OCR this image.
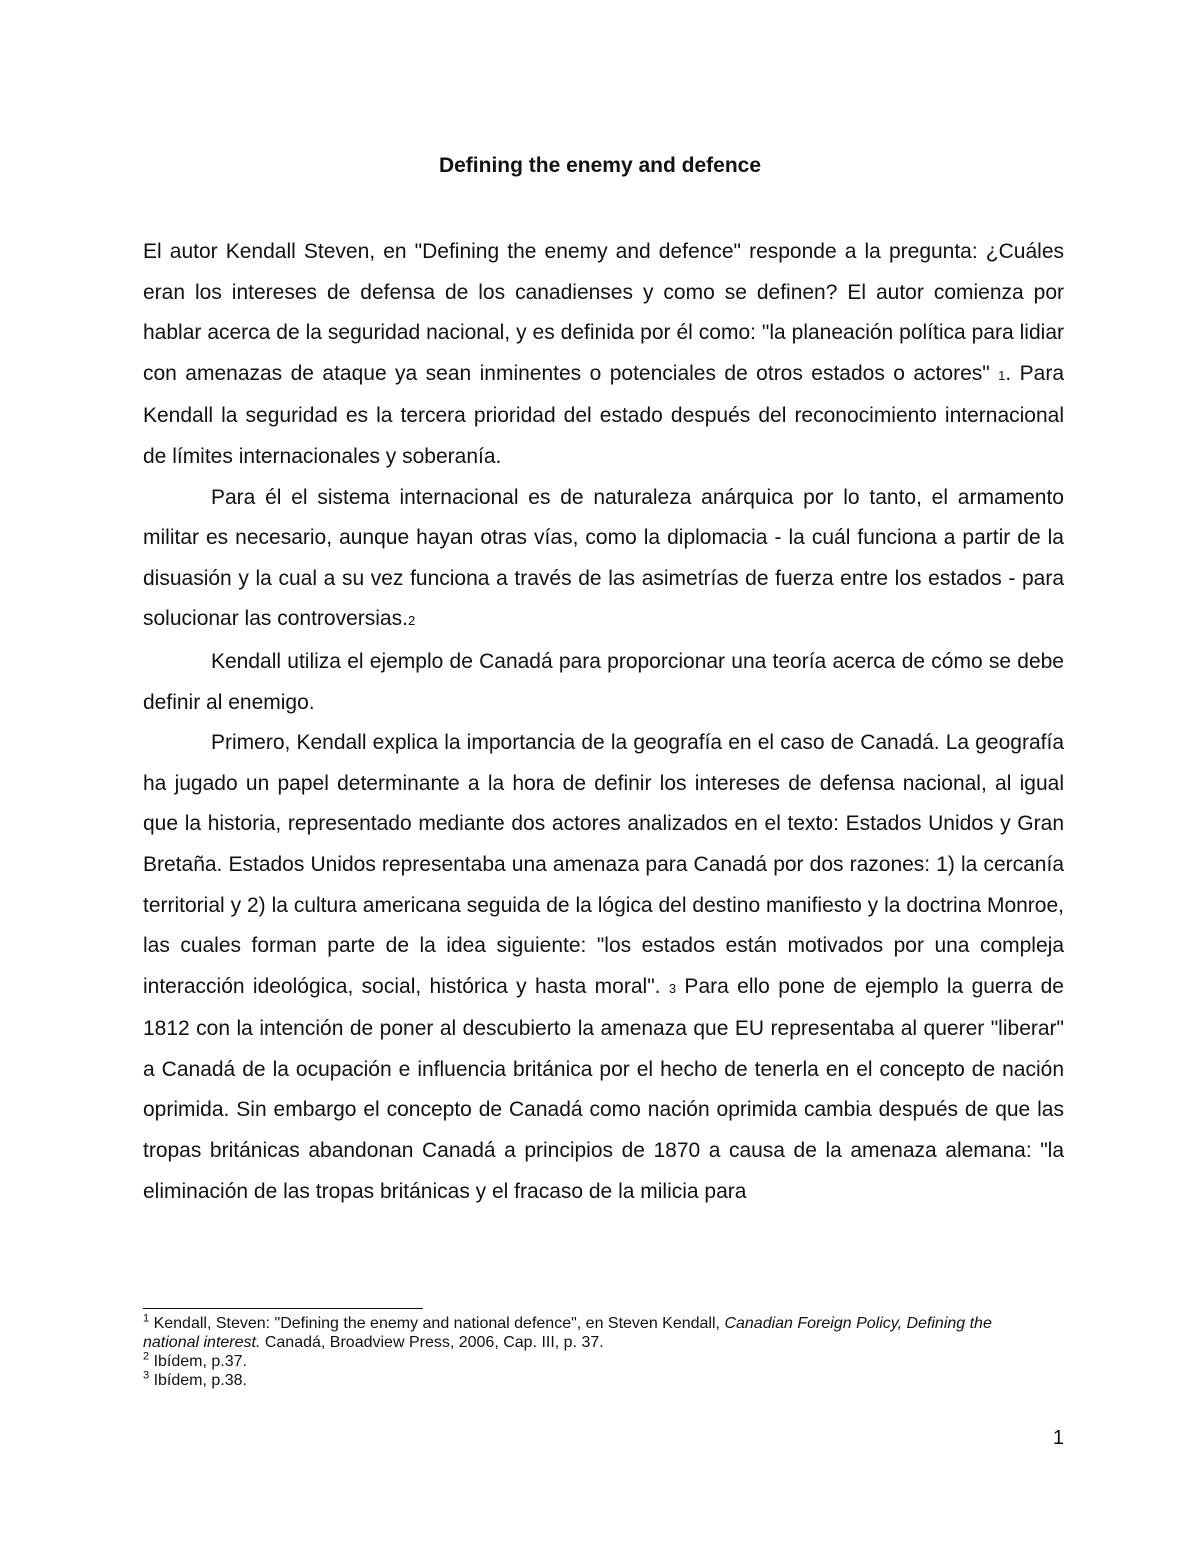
Defining the enemy and defence

El autor Kendall Steven, en "Defining the enemy and defence" responde a la pregunta: ¿Cuáles eran los intereses de defensa de los canadienses y como se definen? El autor comienza por hablar acerca de la seguridad nacional, y es definida por él como: "la planeación política para lidiar con amenazas de ataque ya sean inminentes o potenciales de otros estados o actores" 1. Para Kendall la seguridad es la tercera prioridad del estado después del reconocimiento internacional de límites internacionales y soberanía.

Para él el sistema internacional es de naturaleza anárquica por lo tanto, el armamento militar es necesario, aunque hayan otras vías, como la diplomacia - la cuál funciona a partir de la disuasión y la cual a su vez funciona a través de las asimetrías de fuerza entre los estados - para solucionar las controversias.2

Kendall utiliza el ejemplo de Canadá para proporcionar una teoría acerca de cómo se debe definir al enemigo.

Primero, Kendall explica la importancia de la geografía en el caso de Canadá. La geografía ha jugado un papel determinante a la hora de definir los intereses de defensa nacional, al igual que la historia, representado mediante dos actores analizados en el texto: Estados Unidos y Gran Bretaña. Estados Unidos representaba una amenaza para Canadá por dos razones: 1) la cercanía territorial y 2) la cultura americana seguida de la lógica del destino manifiesto y la doctrina Monroe, las cuales forman parte de la idea siguiente: "los estados están motivados por una compleja interacción ideológica, social, histórica y hasta moral". 3 Para ello pone de ejemplo la guerra de 1812 con la intención de poner al descubierto la amenaza que EU representaba al querer "liberar" a Canadá de la ocupación e influencia británica por el hecho de tenerla en el concepto de nación oprimida. Sin embargo el concepto de Canadá como nación oprimida cambia después de que las tropas británicas abandonan Canadá a principios de 1870 a causa de la amenaza alemana: "la eliminación de las tropas británicas y el fracaso de la milicia para

$^1$ Kendall, Steven: "Defining the enemy and national defence", en Steven Kendall, Canadian Foreign Policy, Defining the national interest. Canadá, Broadview Press, 2006, Cap. III, p. 37.
$^2$ Ibídem, p.37.
$^3$ Ibídem, p.38.
1
